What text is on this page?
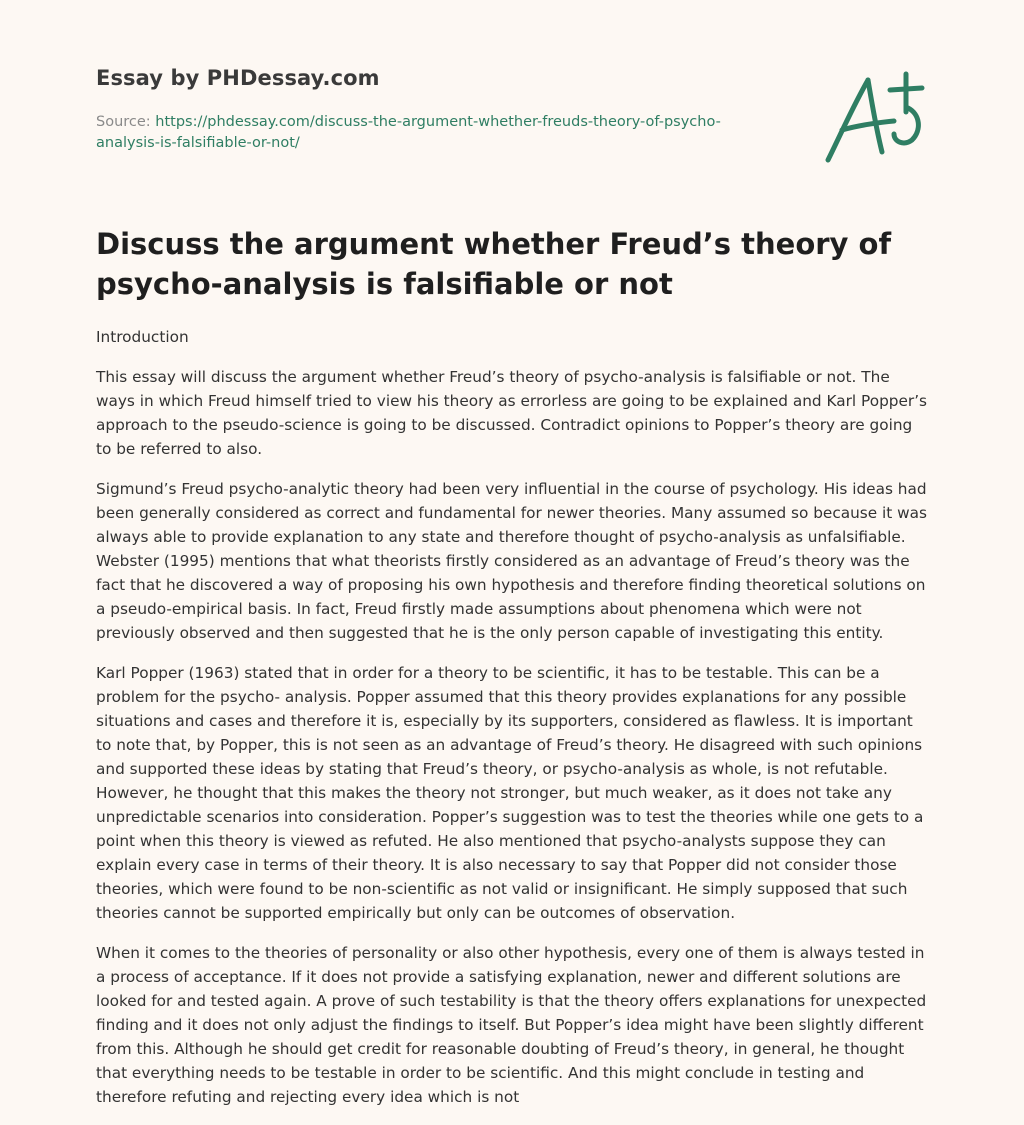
Essay by PHDessay.com
Source: https://phdessay.com/discuss-the-argument-whether-freuds-theory-of-psycho-analysis-is-falsifiable-or-not/
Discuss the argument whether Freud’s theory of psycho-analysis is falsifiable or not

Introduction

This essay will discuss the argument whether Freud’s theory of psycho-analysis is falsifiable or not. The ways in which Freud himself tried to view his theory as errorless are going to be explained and Karl Popper’s approach to the pseudo-science is going to be discussed. Contradict opinions to Popper’s theory are going to be referred to also.

Sigmund’s Freud psycho-analytic theory had been very influential in the course of psychology. His ideas had been generally considered as correct and fundamental for newer theories. Many assumed so because it was always able to provide explanation to any state and therefore thought of psycho-analysis as unfalsifiable. Webster (1995) mentions that what theorists firstly considered as an advantage of Freud’s theory was the fact that he discovered a way of proposing his own hypothesis and therefore finding theoretical solutions on a pseudo-empirical basis. In fact, Freud firstly made assumptions about phenomena which were not previously observed and then suggested that he is the only person capable of investigating this entity.

Karl Popper (1963) stated that in order for a theory to be scientific, it has to be testable. This can be a problem for the psycho- analysis. Popper assumed that this theory provides explanations for any possible situations and cases and therefore it is, especially by its supporters, considered as flawless. It is important to note that, by Popper, this is not seen as an advantage of Freud’s theory. He disagreed with such opinions and supported these ideas by stating that Freud’s theory, or psycho-analysis as whole, is not refutable. However, he thought that this makes the theory not stronger, but much weaker, as it does not take any unpredictable scenarios into consideration. Popper’s suggestion was to test the theories while one gets to a point when this theory is viewed as refuted. He also mentioned that psycho-analysts suppose they can explain every case in terms of their theory. It is also necessary to say that Popper did not consider those theories, which were found to be non-scientific as not valid or insignificant. He simply supposed that such theories cannot be supported empirically but only can be outcomes of observation.

When it comes to the theories of personality or also other hypothesis, every one of them is always tested in a process of acceptance. If it does not provide a satisfying explanation, newer and different solutions are looked for and tested again. A prove of such testability is that the theory offers explanations for unexpected finding and it does not only adjust the findings to itself. But Popper’s idea might have been slightly different from this. Although he should get credit for reasonable doubting of Freud’s theory, in general, he thought that everything needs to be testable in order to be scientific. And this might conclude in testing and therefore refuting and rejecting every idea which is not
